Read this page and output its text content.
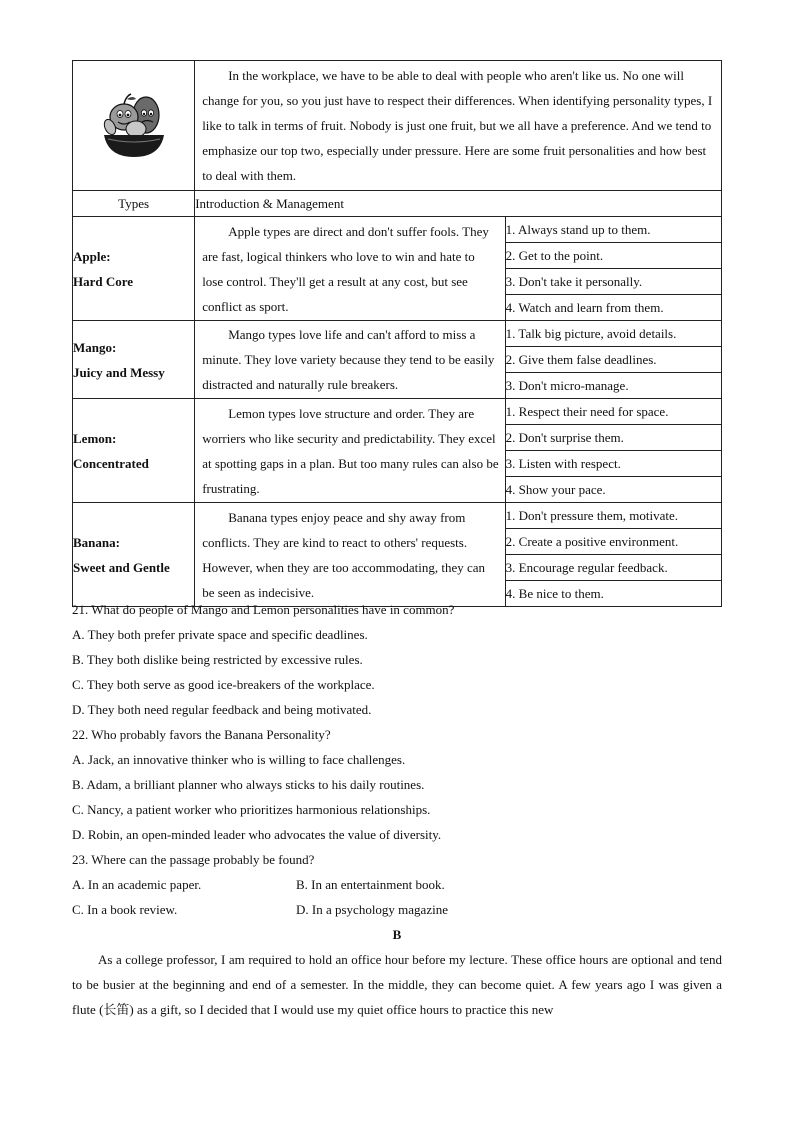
In the workplace, we have to be able to deal with people who aren't like us. No one will change for you, so you just have to respect their differences. When identifying personality types, I like to talk in terms of fruit. Nobody is just one fruit, but we all have a preference. And we tend to emphasize our top two, especially under pressure. Here are some fruit personalities and how best to deal with them.	

Types	Introduction & Management	

Apple:
Hard Core	Apple types are direct and don't suffer fools. They are fast, logical thinkers who love to win and hate to lose control. They'll get a result at any cost, but see conflict as sport.	1. Always stand up to them.
		2. Get to the point.
		3. Don't take it personally.
		4. Watch and learn from them.

Mango:
Juicy and Messy	Mango types love life and can't afford to miss a minute. They love variety because they tend to be easily distracted and naturally rule breakers.	1. Talk big picture, avoid details.
		2. Give them false deadlines.
		3. Don't micro-manage.

Lemon:
Concentrated	Lemon types love structure and order. They are worriers who like security and predictability. They excel at spotting gaps in a plan. But too many rules can also be frustrating.	1. Respect their need for space.
		2. Don't surprise them.
		3. Listen with respect.
		4. Show your pace.

Banana:
Sweet and Gentle	Banana types enjoy peace and shy away from conflicts. They are kind to react to others' requests. However, when they are too accommodating, they can be seen as indecisive.	1. Don't pressure them, motivate.
		2. Create a positive environment.
		3. Encourage regular feedback.
		4. Be nice to them.
21. What do people of Mango and Lemon personalities have in common?
A. They both prefer private space and specific deadlines.
B. They both dislike being restricted by excessive rules.
C. They both serve as good ice-breakers of the workplace.
D. They both need regular feedback and being motivated.
22. Who probably favors the Banana Personality?
A. Jack, an innovative thinker who is willing to face challenges.
B. Adam, a brilliant planner who always sticks to his daily routines.
C. Nancy, a patient worker who prioritizes harmonious relationships.
D. Robin, an open-minded leader who advocates the value of diversity.
23. Where can the passage probably be found?
A. In an academic paper.	B. In an entertainment book.
C. In a book review.	D. In a psychology magazine
B
As a college professor, I am required to hold an office hour before my lecture. These office hours are optional and tend to be busier at the beginning and end of a semester. In the middle, they can become quiet. A few years ago I was given a flute (长笛) as a gift, so I decided that I would use my quiet office hours to practice this new
